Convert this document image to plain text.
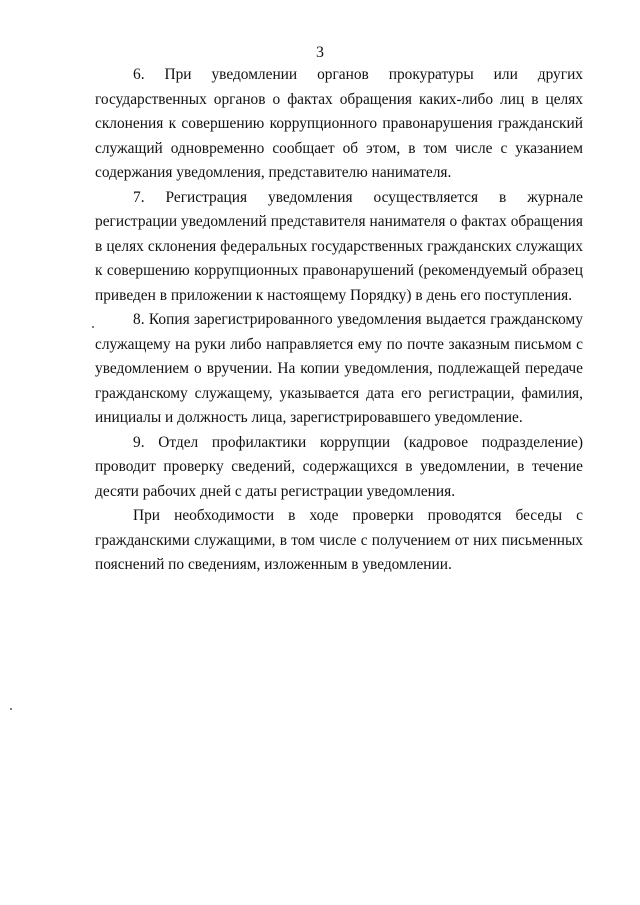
3

6. При уведомлении органов прокуратуры или других государственных органов о фактах обращения каких-либо лиц в целях склонения к совершению коррупционного правонарушения гражданский служащий одновременно сообщает об этом, в том числе с указанием содержания уведомления, представителю нанимателя.

7. Регистрация уведомления осуществляется в журнале регистрации уведомлений представителя нанимателя о фактах обращения в целях склонения федеральных государственных гражданских служащих к совершению коррупционных правонарушений (рекомендуемый образец приведен в приложении к настоящему Порядку) в день его поступления.

8. Копия зарегистрированного уведомления выдается гражданскому служащему на руки либо направляется ему по почте заказным письмом с уведомлением о вручении. На копии уведомления, подлежащей передаче гражданскому служащему, указывается дата его регистрации, фамилия, инициалы и должность лица, зарегистрировавшего уведомление.

9. Отдел профилактики коррупции (кадровое подразделение) проводит проверку сведений, содержащихся в уведомлении, в течение десяти рабочих дней с даты регистрации уведомления.

При необходимости в ходе проверки проводятся беседы с гражданскими служащими, в том числе с получением от них письменных пояснений по сведениям, изложенным в уведомлении.
